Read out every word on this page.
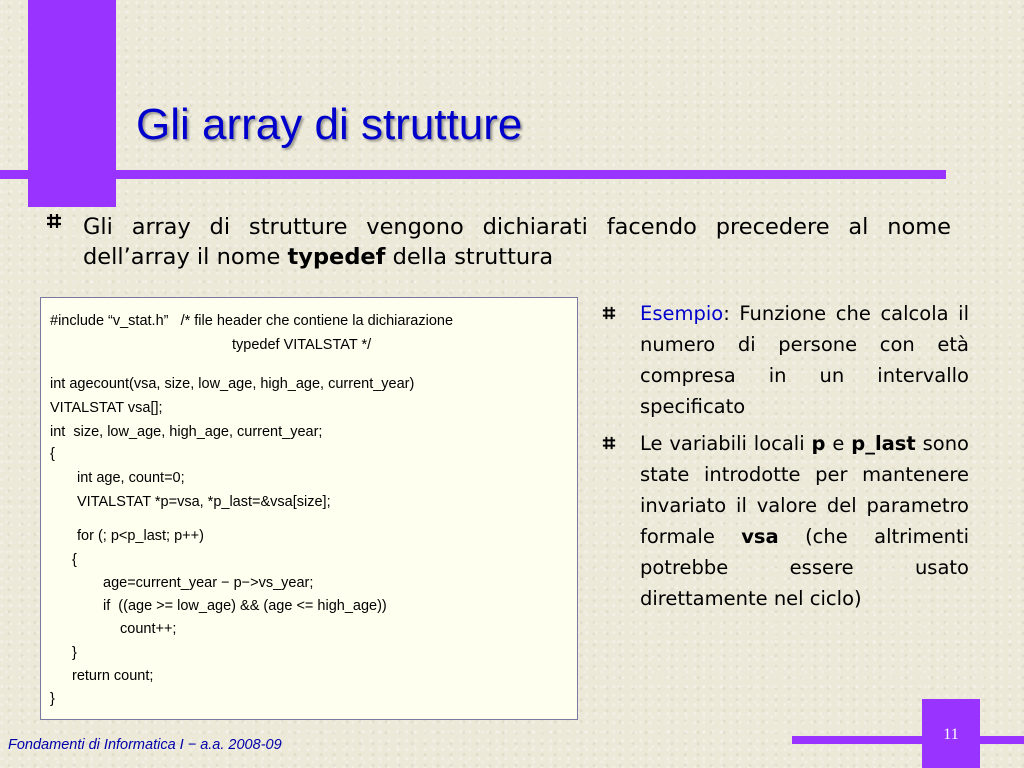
Gli array di strutture
Gli array di strutture vengono dichiarati facendo precedere al nome dell’array il nome typedef della struttura
#include “v_stat.h”   /* file header che contiene la dichiarazione
typedef VITALSTAT */
int agecount(vsa, size, low_age, high_age, current_year)
VITALSTAT vsa[];
int  size, low_age, high_age, current_year;
{
int age, count=0;
VITALSTAT *p=vsa, *p_last=&vsa[size];
for (; p<p_last; p++)
{
age=current_year − p−>vs_year;
if  ((age >= low_age) && (age <= high_age))
count++;
}
return count;
}
Esempio: Funzione che calcola il numero di persone con età compresa in un intervallo specificato
Le variabili locali p e p_last sono state introdotte per mantenere invariato il valore del parametro formale vsa (che altrimenti potrebbe essere usato direttamente nel ciclo)
Fondamenti di Informatica I − a.a. 2008-09
11
